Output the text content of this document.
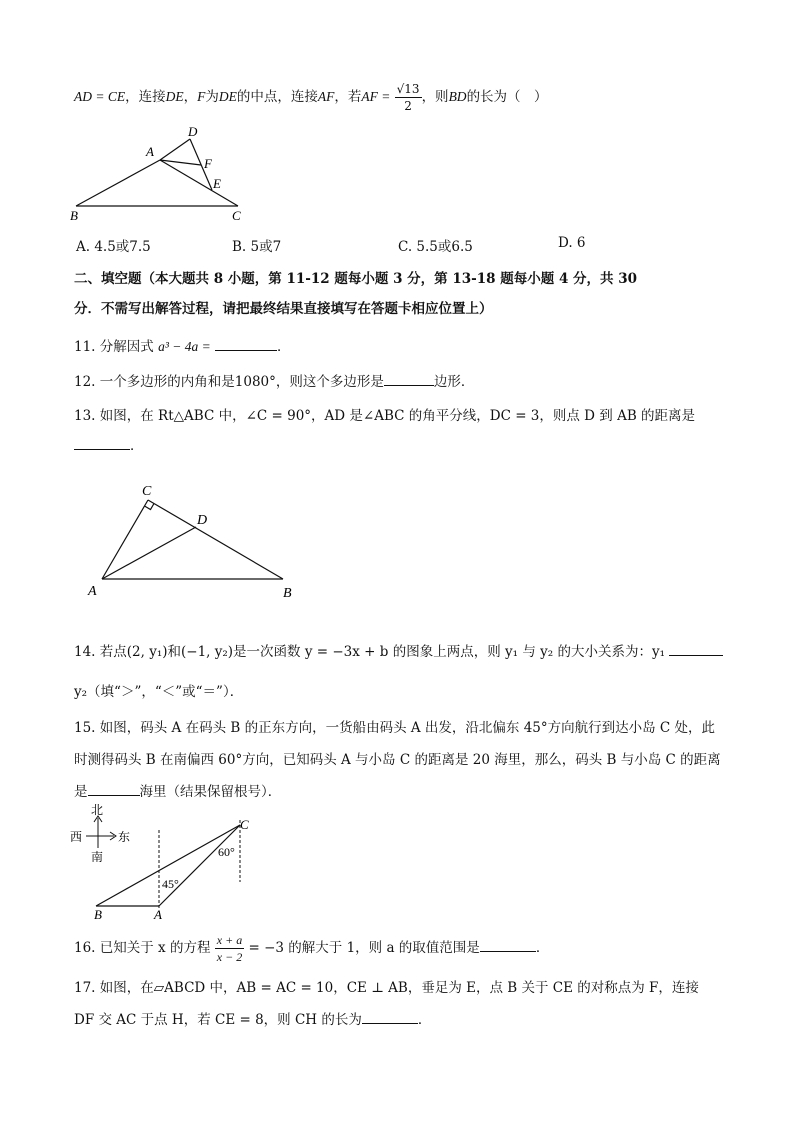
AD = CE，连接DE，F为DE的中点，连接AF，若AF = $\frac{√13}{2}$ ，则BD的长为（　）
A
B	C
D
E
F
A. 4.5或7.5	B. 5或7	C. 5.5或6.5	D. 6
二、填空题（本大题共 8 小题，第 11-12 题每小题 3 分，第 13-18 题每小题 4 分，共 30
分．不需写出解答过程，请把最终结果直接填写在答题卡相应位置上）
11. 分解因式 a³ − 4a =	．
12. 一个多边形的内角和是1080°，则这个多边形是	边形．
13. 如图，在 Rt△ABC 中，∠C = 90°，AD 是∠ABC 的角平分线，DC = 3，则点 D 到 AB 的距离是
．
C
D
A	B
14. 若点(2, y₁)和(−1, y₂)是一次函数 y = −3x + b 的图象上两点，则 y₁ 与 y₂ 的大小关系为：y₁
y₂（填“＞”，“＜”或“＝”）．
15. 如图，码头 A 在码头 B 的正东方向，一货船由码头 A 出发，沿北偏东 45°方向航行到达小岛 C 处，此
时测得码头 B 在南偏西 60°方向，已知码头 A 与小岛 C 的距离是 20 海里，那么，码头 B 与小岛 C 的距离
是	海里（结果保留根号）．
北
西	东
南
C
B	A
60°
45°
16. 已知关于 x 的方程 $\frac{x + a}{x - 2} = -3$ 的解大于 1，则 a 的取值范围是	．
17. 如图，在▱ABCD 中，AB = AC = 10，CE ⊥ AB，垂足为 E，点 B 关于 CE 的对称点为 F，连接
DF 交 AC 于点 H，若 CE = 8，则 CH 的长为	．
